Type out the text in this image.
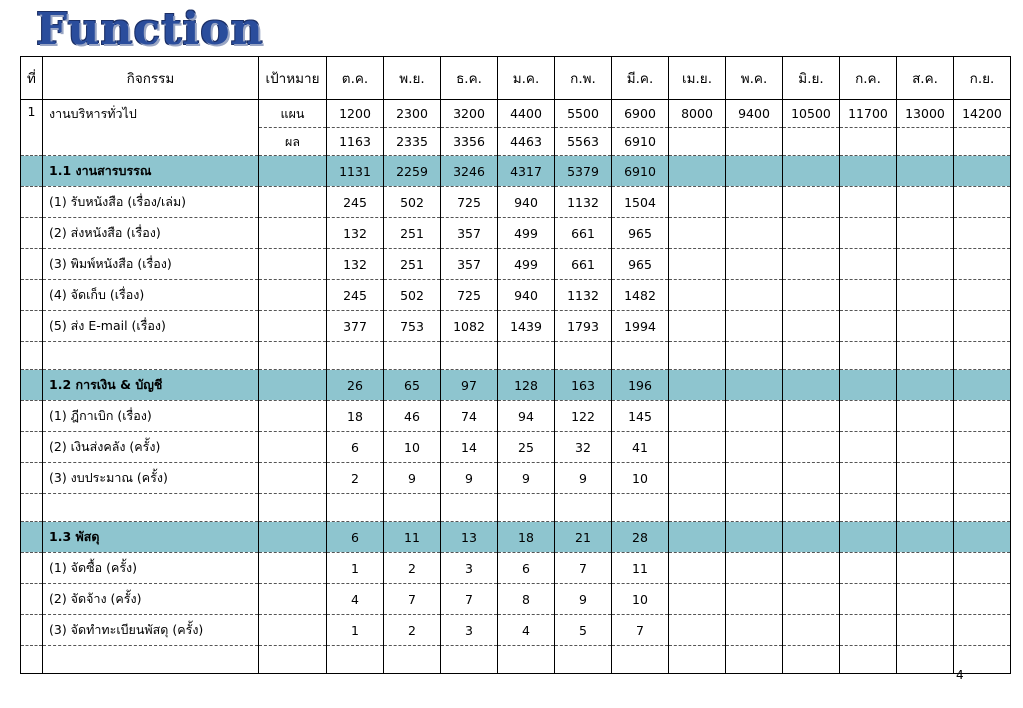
Function
ที่	กิจกรรม	เป้าหมาย	ต.ค.	พ.ย.	ธ.ค.	ม.ค.	ก.พ.	มี.ค.	เม.ย.	พ.ค.	มิ.ย.	ก.ค.	ส.ค.	ก.ย.
1	งานบริหารทั่วไป	แผน	1200	2300	3200	4400	5500	6900	8000	9400	10500	11700	13000	14200
		ผล	1163	2335	3356	4463	5563	6910						
	1.1 งานสารบรรณ		1131	2259	3246	4317	5379	6910						
	(1) รับหนังสือ (เรื่อง/เล่ม)		245	502	725	940	1132	1504						
	(2) ส่งหนังสือ (เรื่อง)		132	251	357	499	661	965						
	(3) พิมพ์หนังสือ (เรื่อง)		132	251	357	499	661	965						
	(4) จัดเก็บ (เรื่อง)		245	502	725	940	1132	1482						
	(5) ส่ง E-mail (เรื่อง)		377	753	1082	1439	1793	1994						

	1.2 การเงิน & บัญชี		26	65	97	128	163	196						
	(1) ฎีกาเบิก (เรื่อง)		18	46	74	94	122	145						
	(2) เงินส่งคลัง (ครั้ง)		6	10	14	25	32	41						
	(3) งบประมาณ (ครั้ง)		2	9	9	9	9	10						

	1.3 พัสดุ		6	11	13	18	21	28						
	(1) จัดซื้อ (ครั้ง)		1	2	3	6	7	11						
	(2) จัดจ้าง (ครั้ง)		4	7	7	8	9	10						
	(3) จัดทำทะเบียนพัสดุ (ครั้ง)		1	2	3	4	5	7						

4
